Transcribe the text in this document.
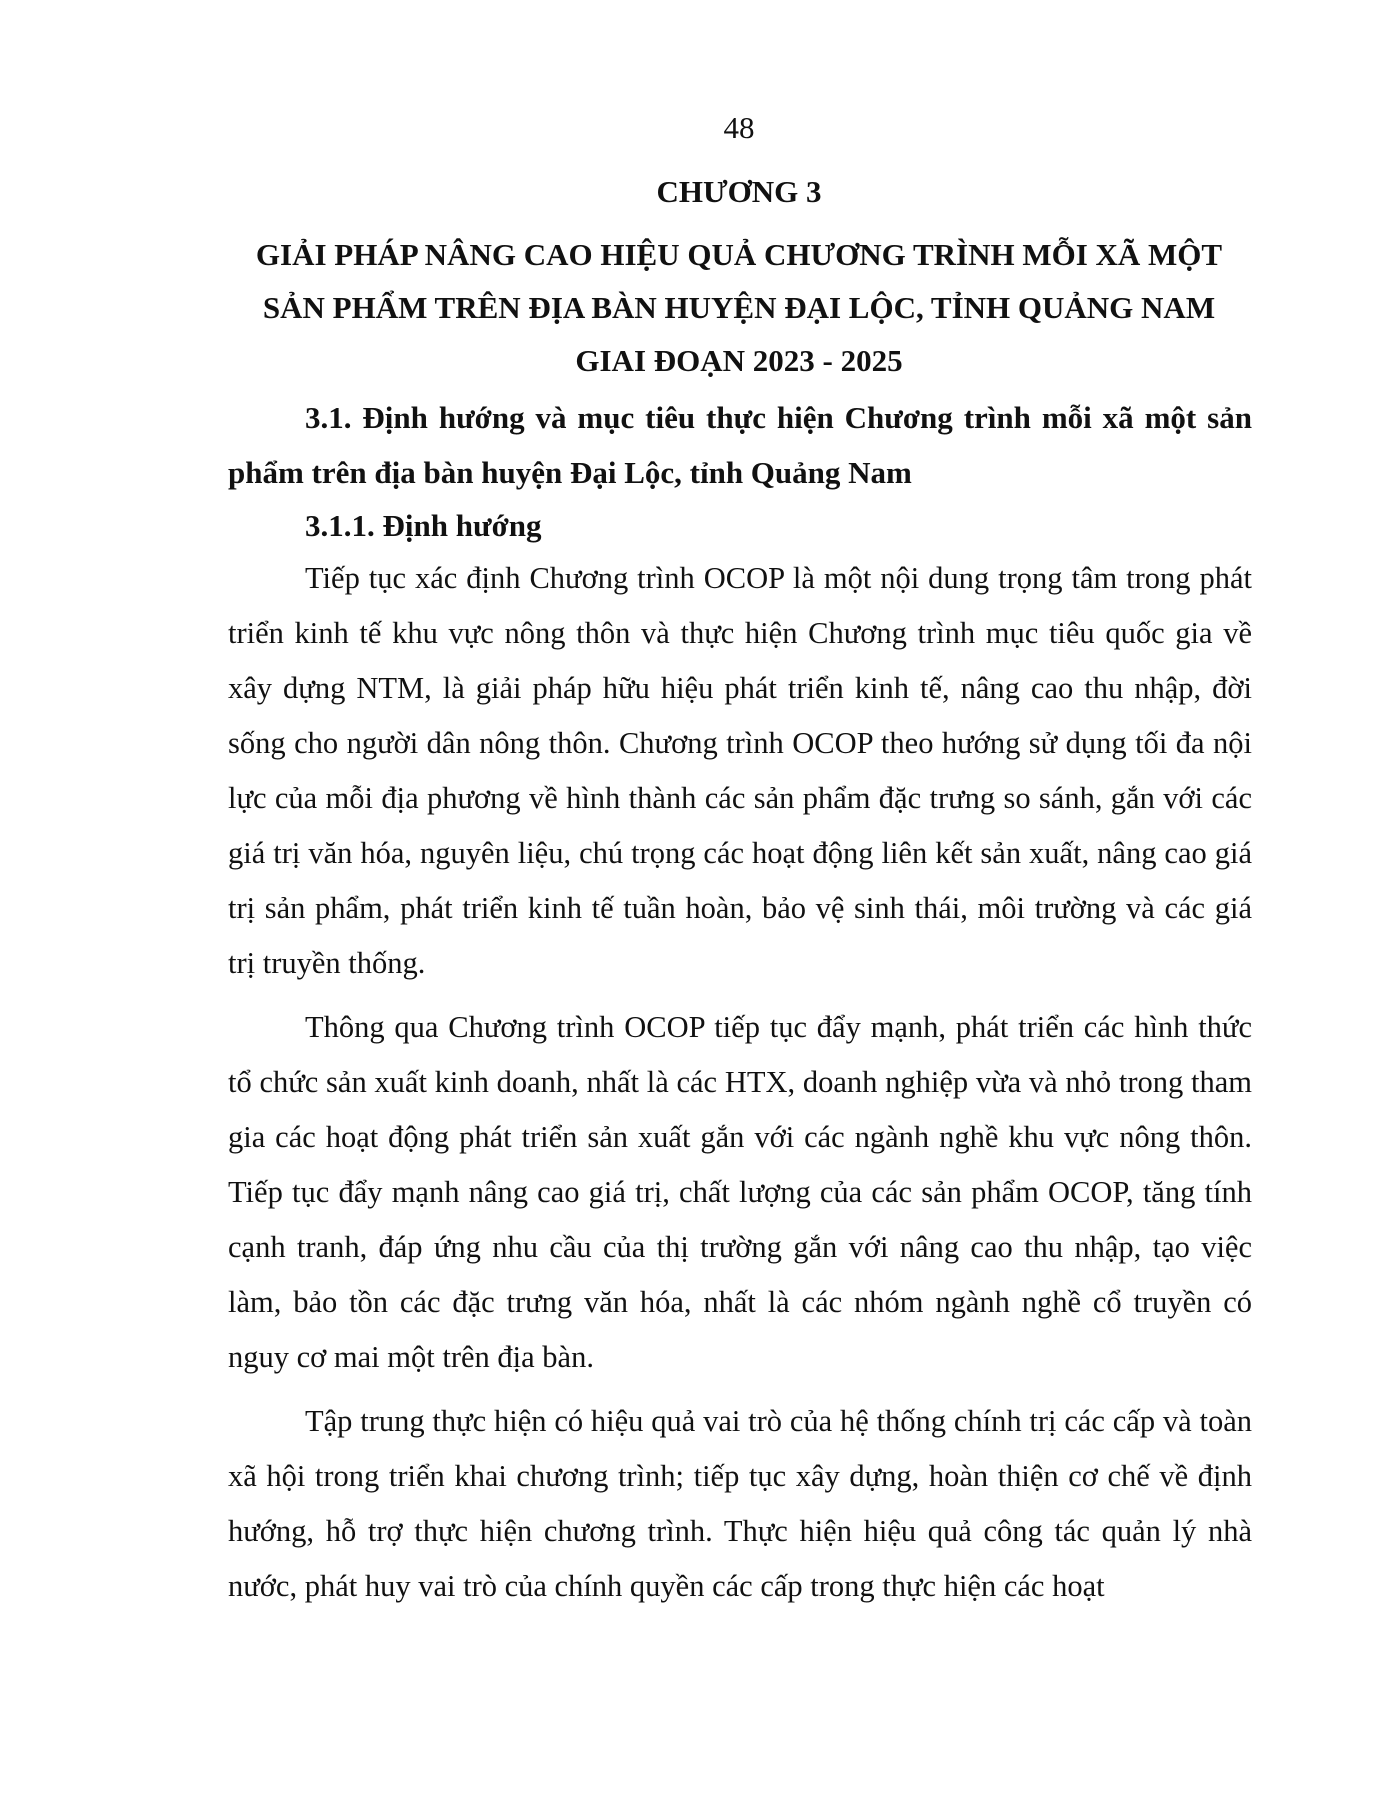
48
CHƯƠNG 3
GIẢI PHÁP NÂNG CAO HIỆU QUẢ CHƯƠNG TRÌNH MỖI XÃ MỘT SẢN PHẨM TRÊN ĐỊA BÀN HUYỆN ĐẠI LỘC, TỈNH QUẢNG NAM GIAI ĐOẠN 2023 - 2025
3.1. Định hướng và mục tiêu thực hiện Chương trình mỗi xã một sản phẩm trên địa bàn huyện Đại Lộc, tỉnh Quảng Nam
3.1.1. Định hướng

Tiếp tục xác định Chương trình OCOP là một nội dung trọng tâm trong phát triển kinh tế khu vực nông thôn và thực hiện Chương trình mục tiêu quốc gia về xây dựng NTM, là giải pháp hữu hiệu phát triển kinh tế, nâng cao thu nhập, đời sống cho người dân nông thôn. Chương trình OCOP theo hướng sử dụng tối đa nội lực của mỗi địa phương về hình thành các sản phẩm đặc trưng so sánh, gắn với các giá trị văn hóa, nguyên liệu, chú trọng các hoạt động liên kết sản xuất, nâng cao giá trị sản phẩm, phát triển kinh tế tuần hoàn, bảo vệ sinh thái, môi trường và các giá trị truyền thống.

Thông qua Chương trình OCOP tiếp tục đẩy mạnh, phát triển các hình thức tổ chức sản xuất kinh doanh, nhất là các HTX, doanh nghiệp vừa và nhỏ trong tham gia các hoạt động phát triển sản xuất gắn với các ngành nghề khu vực nông thôn. Tiếp tục đẩy mạnh nâng cao giá trị, chất lượng của các sản phẩm OCOP, tăng tính cạnh tranh, đáp ứng nhu cầu của thị trường gắn với nâng cao thu nhập, tạo việc làm, bảo tồn các đặc trưng văn hóa, nhất là các nhóm ngành nghề cổ truyền có nguy cơ mai một trên địa bàn.

Tập trung thực hiện có hiệu quả vai trò của hệ thống chính trị các cấp và toàn xã hội trong triển khai chương trình; tiếp tục xây dựng, hoàn thiện cơ chế về định hướng, hỗ trợ thực hiện chương trình. Thực hiện hiệu quả công tác quản lý nhà nước, phát huy vai trò của chính quyền các cấp trong thực hiện các hoạt
